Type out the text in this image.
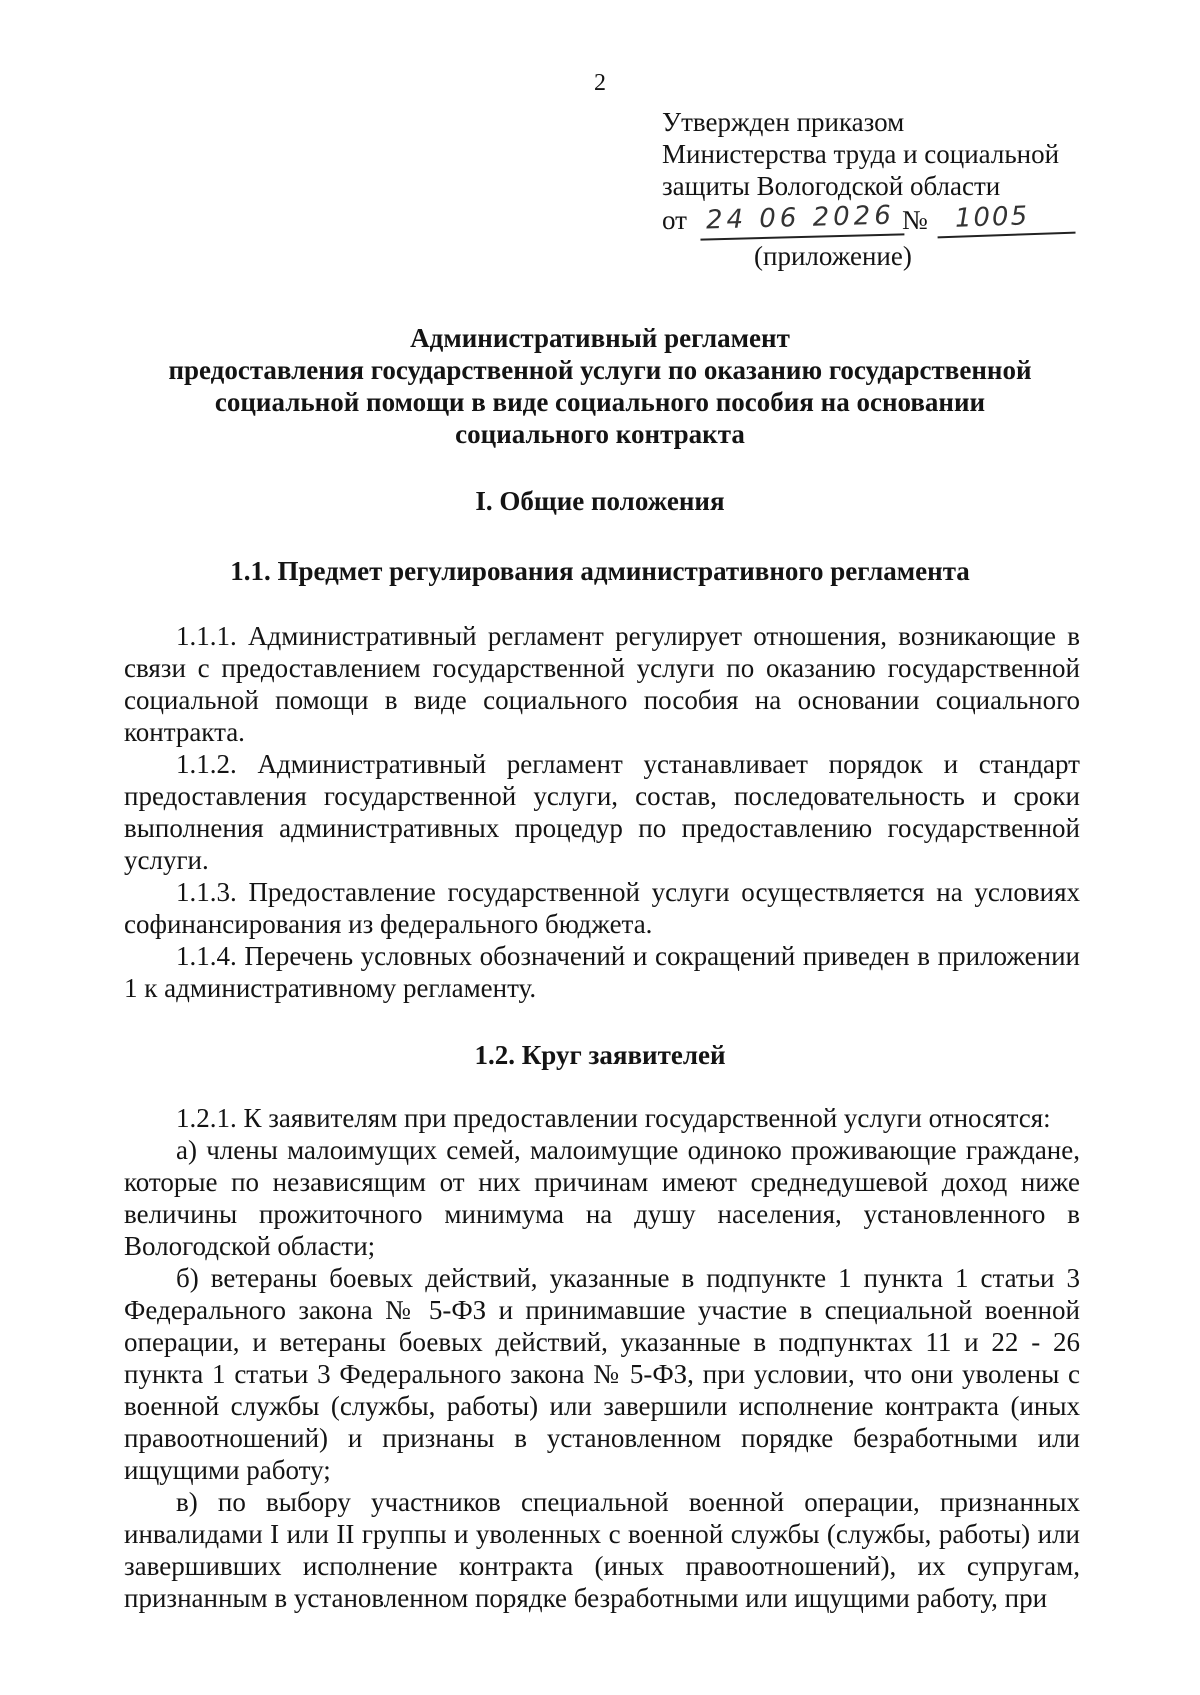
2
Утвержден приказом
Министерства труда и социальной
защиты Вологодской области
от 24 06 2026 №	1005
(приложение)
Административный регламент
предоставления государственной услуги по оказанию государственной
социальной помощи в виде социального пособия на основании
социального контракта
I. Общие положения
1.1. Предмет регулирования административного регламента

1.1.1. Административный регламент регулирует отношения, возникающие в связи с предоставлением государственной услуги по оказанию государственной социальной помощи в виде социального пособия на основании социального контракта.

1.1.2. Административный регламент устанавливает порядок и стандарт предоставления государственной услуги, состав, последовательность и сроки выполнения административных процедур по предоставлению государственной услуги.

1.1.3. Предоставление государственной услуги осуществляется на условиях софинансирования из федерального бюджета.

1.1.4. Перечень условных обозначений и сокращений приведен в приложении 1 к административному регламенту.

1.2. Круг заявителей

1.2.1. К заявителям при предоставлении государственной услуги относятся:

а) члены малоимущих семей, малоимущие одиноко проживающие граждане, которые по независящим от них причинам имеют среднедушевой доход ниже величины прожиточного минимума на душу населения, установленного в Вологодской области;

б) ветераны боевых действий, указанные в подпункте 1 пункта 1 статьи 3 Федерального закона № 5-ФЗ и принимавшие участие в специальной военной операции, и ветераны боевых действий, указанные в подпунктах 11 и 22 - 26 пункта 1 статьи 3 Федерального закона № 5-ФЗ, при условии, что они уволены с военной службы (службы, работы) или завершили исполнение контракта (иных правоотношений) и признаны в установленном порядке безработными или ищущими работу;

в) по выбору участников специальной военной операции, признанных инвалидами I или II группы и уволенных с военной службы (службы, работы) или завершивших исполнение контракта (иных правоотношений), их супругам, признанным в установленном порядке безработными или ищущими работу, при
